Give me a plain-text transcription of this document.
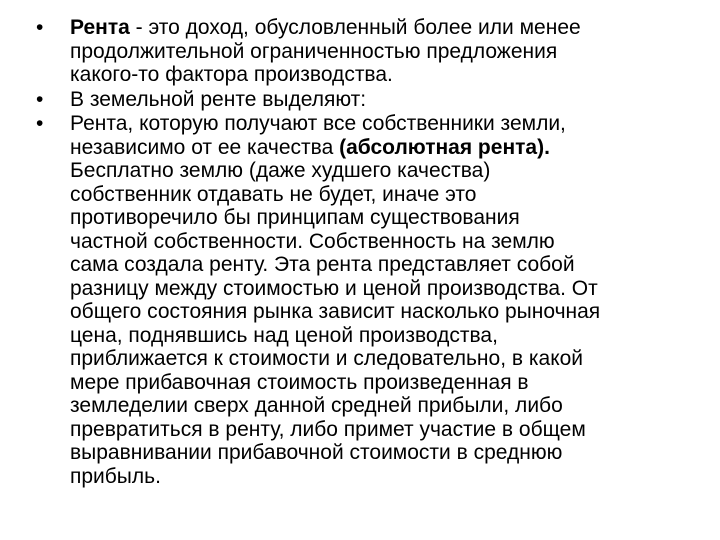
•	Рента - это доход, обусловленный более или менее
продолжительной ограниченностью предложения
какого-то фактора производства.
•	В земельной ренте выделяют:
•	Рента, которую получают все собственники земли,
независимо от ее качества (абсолютная рента).
Бесплатно землю (даже худшего качества)
собственник отдавать не будет, иначе это
противоречило бы принципам существования
частной собственности. Собственность на землю
сама создала ренту. Эта рента представляет собой
разницу между стоимостью и ценой производства. От
общего состояния рынка зависит насколько рыночная
цена, поднявшись над ценой производства,
приближается к стоимости и следовательно, в какой
мере прибавочная стоимость произведенная в
земледелии сверх данной средней прибыли, либо
превратиться в ренту, либо примет участие в общем
выравнивании прибавочной стоимости в среднюю
прибыль.
